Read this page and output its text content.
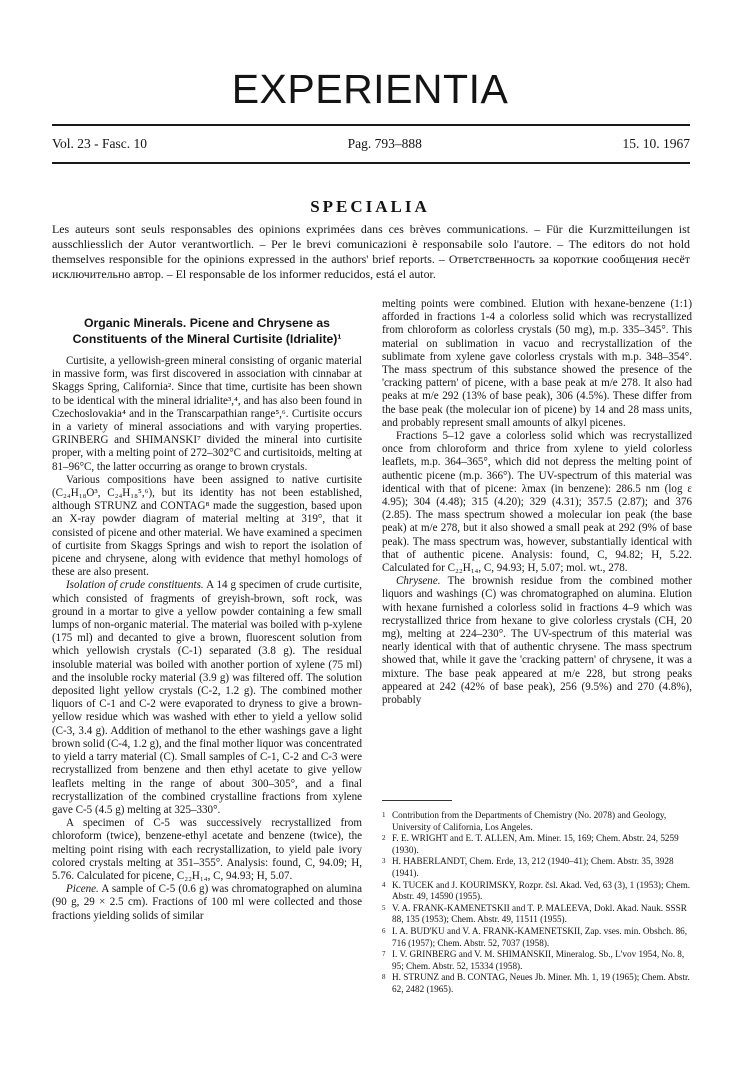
EXPERIENTIA
Vol. 23 - Fasc. 10	Pag. 793–888	15. 10. 1967
SPECIALIA
Les auteurs sont seuls responsables des opinions exprimées dans ces brèves communications. – Für die Kurzmitteilungen ist ausschliesslich der Autor verantwortlich. – Per le brevi comunicazioni è responsabile solo l'autore. – The editors do not hold themselves responsible for the opinions expressed in the authors' brief reports. – Ответственность за короткие сообщения несёт исключительно автор. – El responsable de los informer reducidos, está el autor.
Organic Minerals. Picene and Chrysene as Constituents of the Mineral Curtisite (Idrialite)¹

Curtisite, a yellowish-green mineral consisting of organic material in massive form, was first discovered in association with cinnabar at Skaggs Spring, California². Since that time, curtisite has been shown to be identical with the mineral idrialite³,⁴, and has also been found in Czechoslovakia⁴ and in the Transcarpathian range⁵,⁶. Curtisite occurs in a variety of mineral associations and with varying properties. GRINBERG and SHIMANSKI⁷ divided the mineral into curtisite proper, with a melting point of 272–302°C and curtisitoids, melting at 81–96°C, the latter occurring as orange to brown crystals.

Various compositions have been assigned to native curtisite (C₂₄H₁₈O³, C₂₄H₁₈⁵,⁶), but its identity has not been established, although STRUNZ and CONTAG⁸ made the suggestion, based upon an X-ray powder diagram of material melting at 319°, that it consisted of picene and other material. We have examined a specimen of curtisite from Skaggs Springs and wish to report the isolation of picene and chrysene, along with evidence that methyl homologs of these are also present.

Isolation of crude constituents. A 14 g specimen of crude curtisite, which consisted of fragments of greyish-brown, soft rock, was ground in a mortar to give a yellow powder containing a few small lumps of non-organic material. The material was boiled with p-xylene (175 ml) and decanted to give a brown, fluorescent solution from which yellowish crystals (C-1) separated (3.8 g). The residual insoluble material was boiled with another portion of xylene (75 ml) and the insoluble rocky material (3.9 g) was filtered off. The solution deposited light yellow crystals (C-2, 1.2 g). The combined mother liquors of C-1 and C-2 were evaporated to dryness to give a brown-yellow residue which was washed with ether to yield a yellow solid (C-3, 3.4 g). Addition of methanol to the ether washings gave a light brown solid (C-4, 1.2 g), and the final mother liquor was concentrated to yield a tarry material (C). Small samples of C-1, C-2 and C-3 were recrystallized from benzene and then ethyl acetate to give yellow leaflets melting in the range of about 300–305°, and a final recrystallization of the combined crystalline fractions from xylene gave C-5 (4.5 g) melting at 325–330°.

A specimen of C-5 was successively recrystallized from chloroform (twice), benzene-ethyl acetate and benzene (twice), the melting point rising with each recrystallization, to yield pale ivory colored crystals melting at 351–355°. Analysis: found, C, 94.09; H, 5.76. Calculated for picene, C₂₂H₁₄, C, 94.93; H, 5.07.

Picene. A sample of C-5 (0.6 g) was chromatographed on alumina (90 g, 29 × 2.5 cm). Fractions of 100 ml were collected and those fractions yielding solids of similar

melting points were combined. Elution with hexane-benzene (1:1) afforded in fractions 1-4 a colorless solid which was recrystallized from chloroform as colorless crystals (50 mg), m.p. 335–345°. This material on sublimation in vacuo and recrystallization of the sublimate from xylene gave colorless crystals with m.p. 348–354°. The mass spectrum of this substance showed the presence of the 'cracking pattern' of picene, with a base peak at m/e 278. It also had peaks at m/e 292 (13% of base peak), 306 (4.5%). These differ from the base peak (the molecular ion of picene) by 14 and 28 mass units, and probably represent small amounts of alkyl picenes.

Fractions 5–12 gave a colorless solid which was recrystallized once from chloroform and thrice from xylene to yield colorless leaflets, m.p. 364–365°, which did not depress the melting point of authentic picene (m.p. 366°). The UV-spectrum of this material was identical with that of picene: λmax (in benzene): 286.5 nm (log ε 4.95); 304 (4.48); 315 (4.20); 329 (4.31); 357.5 (2.87); and 376 (2.85). The mass spectrum showed a molecular ion peak (the base peak) at m/e 278, but it also showed a small peak at 292 (9% of base peak). The mass spectrum was, however, substantially identical with that of authentic picene. Analysis: found, C, 94.82; H, 5.22. Calculated for C₂₂H₁₄, C, 94.93; H, 5.07; mol. wt., 278.

Chrysene. The brownish residue from the combined mother liquors and washings (C) was chromatographed on alumina. Elution with hexane furnished a colorless solid in fractions 4–9 which was recrystallized thrice from hexane to give colorless crystals (CH, 20 mg), melting at 224–230°. The UV-spectrum of this material was nearly identical with that of authentic chrysene. The mass spectrum showed that, while it gave the 'cracking pattern' of chrysene, it was a mixture. The base peak appeared at m/e 228, but strong peaks appeared at 242 (42% of base peak), 256 (9.5%) and 270 (4.8%), probably

1 Contribution from the Departments of Chemistry (No. 2078) and Geology, University of California, Los Angeles.
2 F. E. WRIGHT and E. T. ALLEN, Am. Miner. 15, 169; Chem. Abstr. 24, 5259 (1930).
3 H. HABERLANDT, Chem. Erde, 13, 212 (1940–41); Chem. Abstr. 35, 3928 (1941).
4 K. TUCEK and J. KOURIMSKY, Rozpr. čsl. Akad. Ved, 63 (3), 1 (1953); Chem. Abstr. 49, 14590 (1955).
5 V. A. FRANK-KAMENETSKII and T. P. MALEEVA, Dokl. Akad. Nauk. SSSR 88, 135 (1953); Chem. Abstr. 49, 11511 (1955).
6 I. A. BUD'KU and V. A. FRANK-KAMENETSKII, Zap. vses. min. Obshch. 86, 716 (1957); Chem. Abstr. 52, 7037 (1958).
7 I. V. GRINBERG and V. M. SHIMANSKII, Mineralog. Sb., L'vov 1954, No. 8, 95; Chem. Abstr. 52, 15334 (1958).
8 H. STRUNZ and B. CONTAG, Neues Jb. Miner. Mh. 1, 19 (1965); Chem. Abstr. 62, 2482 (1965).
